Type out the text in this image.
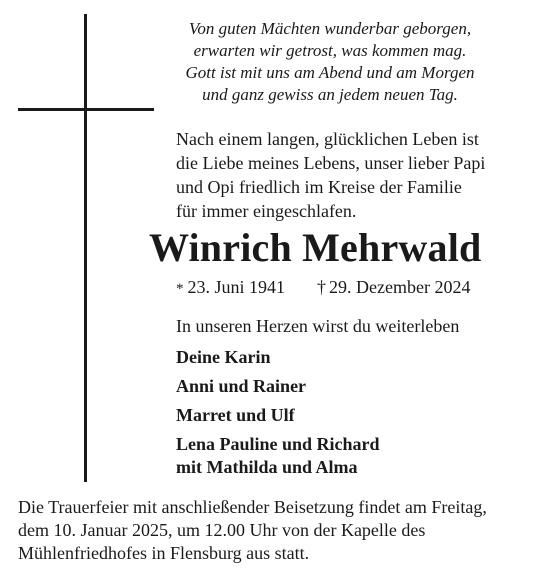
Von guten Mächten wunderbar geborgen,
erwarten wir getrost, was kommen mag.
Gott ist mit uns am Abend und am Morgen
und ganz gewiss an jedem neuen Tag.
Nach einem langen, glücklichen Leben ist
die Liebe meines Lebens, unser lieber Papi
und Opi friedlich im Kreise der Familie
für immer eingeschlafen.
Winrich Mehrwald
* 23. Juni 1941 † 29. Dezember 2024
In unseren Herzen wirst du weiterleben
Deine Karin
Anni und Rainer
Marret und Ulf
Lena Pauline und Richard
mit Mathilda und Alma
Die Trauerfeier mit anschließender Beisetzung findet am Freitag,
dem 10. Januar 2025, um 12.00 Uhr von der Kapelle des
Mühlenfriedhofes in Flensburg aus statt.
